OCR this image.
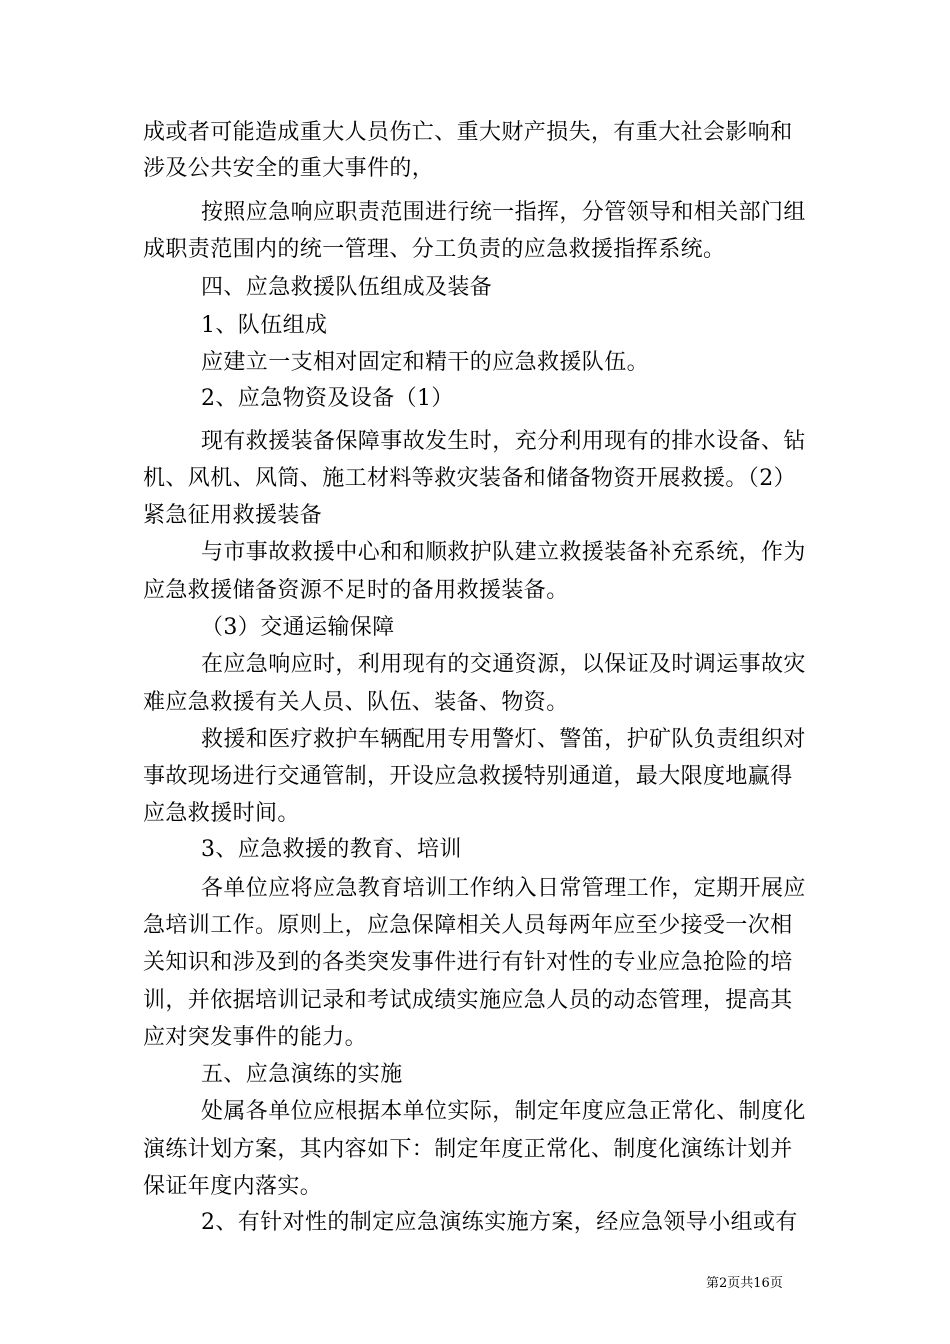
成或者可能造成重大人员伤亡、重大财产损失，有重大社会影响和
涉及公共安全的重大事件的，
按照应急响应职责范围进行统一指挥，分管领导和相关部门组
成职责范围内的统一管理、分工负责的应急救援指挥系统。
四、应急救援队伍组成及装备
1、队伍组成
应建立一支相对固定和精干的应急救援队伍。
2、应急物资及设备（1）
现有救援装备保障事故发生时，充分利用现有的排水设备、钻
机、风机、风筒、施工材料等救灾装备和储备物资开展救援。（2）
紧急征用救援装备
与市事故救援中心和和顺救护队建立救援装备补充系统，作为
应急救援储备资源不足时的备用救援装备。
（3）交通运输保障
在应急响应时，利用现有的交通资源，以保证及时调运事故灾
难应急救援有关人员、队伍、装备、物资。
救援和医疗救护车辆配用专用警灯、警笛，护矿队负责组织对
事故现场进行交通管制，开设应急救援特别通道，最大限度地赢得
应急救援时间。
3、应急救援的教育、培训
各单位应将应急教育培训工作纳入日常管理工作，定期开展应
急培训工作。原则上，应急保障相关人员每两年应至少接受一次相
关知识和涉及到的各类突发事件进行有针对性的专业应急抢险的培
训，并依据培训记录和考试成绩实施应急人员的动态管理，提高其
应对突发事件的能力。
五、应急演练的实施
处属各单位应根据本单位实际，制定年度应急正常化、制度化
演练计划方案，其内容如下：制定年度正常化、制度化演练计划并
保证年度内落实。
2、有针对性的制定应急演练实施方案，经应急领导小组或有
第2页共16页
